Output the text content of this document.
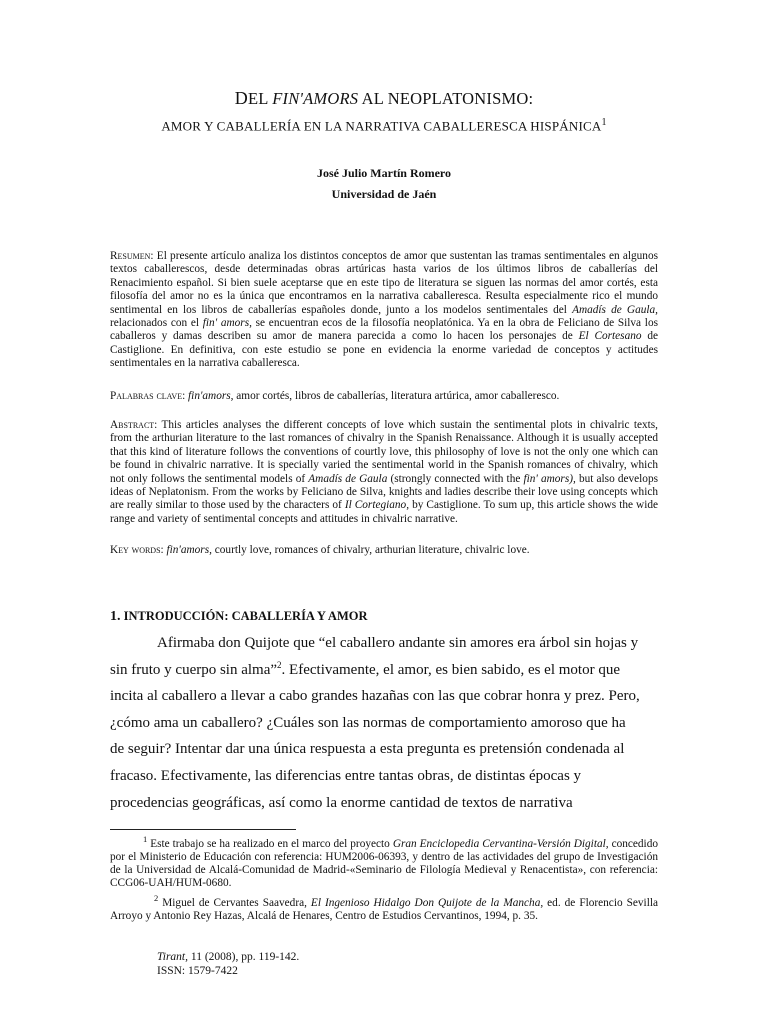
DEL FIN'AMORS AL NEOPLATONISMO:
AMOR Y CABALLERÍA EN LA NARRATIVA CABALLERESCA HISPÁNICA$^1$
José Julio Martín Romero
Universidad de Jaén
Resumen: El presente artículo analiza los distintos conceptos de amor que sustentan las tramas sentimentales en algunos textos caballerescos, desde determinadas obras artúricas hasta varios de los últimos libros de caballerías del Renacimiento español. Si bien suele aceptarse que en este tipo de literatura se siguen las normas del amor cortés, esta filosofía del amor no es la única que encontramos en la narrativa caballeresca. Resulta especialmente rico el mundo sentimental en los libros de caballerías españoles donde, junto a los modelos sentimentales del Amadís de Gaula, relacionados con el fin' amors, se encuentran ecos de la filosofía neoplatónica. Ya en la obra de Feliciano de Silva los caballeros y damas describen su amor de manera parecida a como lo hacen los personajes de El Cortesano de Castiglione. En definitiva, con este estudio se pone en evidencia la enorme variedad de conceptos y actitudes sentimentales en la narrativa caballeresca.
Palabras clave: fin'amors, amor cortés, libros de caballerías, literatura artúrica, amor caballeresco.
Abstract: This articles analyses the different concepts of love which sustain the sentimental plots in chivalric texts, from the arthurian literature to the last romances of chivalry in the Spanish Renaissance. Although it is usually accepted that this kind of literature follows the conventions of courtly love, this philosophy of love is not the only one which can be found in chivalric narrative. It is specially varied the sentimental world in the Spanish romances of chivalry, which not only follows the sentimental models of Amadís de Gaula (strongly connected with the fin' amors), but also develops ideas of Neplatonism. From the works by Feliciano de Silva, knights and ladies describe their love using concepts which are really similar to those used by the characters of Il Cortegiano, by Castiglione. To sum up, this article shows the wide range and variety of sentimental concepts and attitudes in chivalric narrative.
Key words: fin'amors, courtly love, romances of chivalry, arthurian literature, chivalric love.
1. INTRODUCCIÓN: CABALLERÍA Y AMOR
Afirmaba don Quijote que “el caballero andante sin amores era árbol sin hojas y
sin fruto y cuerpo sin alma”$^2$. Efectivamente, el amor, es bien sabido, es el motor que
incita al caballero a llevar a cabo grandes hazañas con las que cobrar honra y prez. Pero,
¿cómo ama un caballero? ¿Cuáles son las normas de comportamiento amoroso que ha
de seguir? Intentar dar una única respuesta a esta pregunta es pretensión condenada al
fracaso. Efectivamente, las diferencias entre tantas obras, de distintas épocas y
procedencias geográficas, así como la enorme cantidad de textos de narrativa
$^1$ Este trabajo se ha realizado en el marco del proyecto Gran Enciclopedia Cervantina-Versión Digital, concedido por el Ministerio de Educación con referencia: HUM2006-06393, y dentro de las actividades del grupo de Investigación de la Universidad de Alcalá-Comunidad de Madrid-«Seminario de Filología Medieval y Renacentista», con referencia: CCG06-UAH/HUM-0680.
$^2$ Miguel de Cervantes Saavedra, El Ingenioso Hidalgo Don Quijote de la Mancha, ed. de Florencio Sevilla Arroyo y Antonio Rey Hazas, Alcalá de Henares, Centro de Estudios Cervantinos, 1994, p. 35.
Tirant, 11 (2008), pp. 119-142.
ISSN: 1579-7422
